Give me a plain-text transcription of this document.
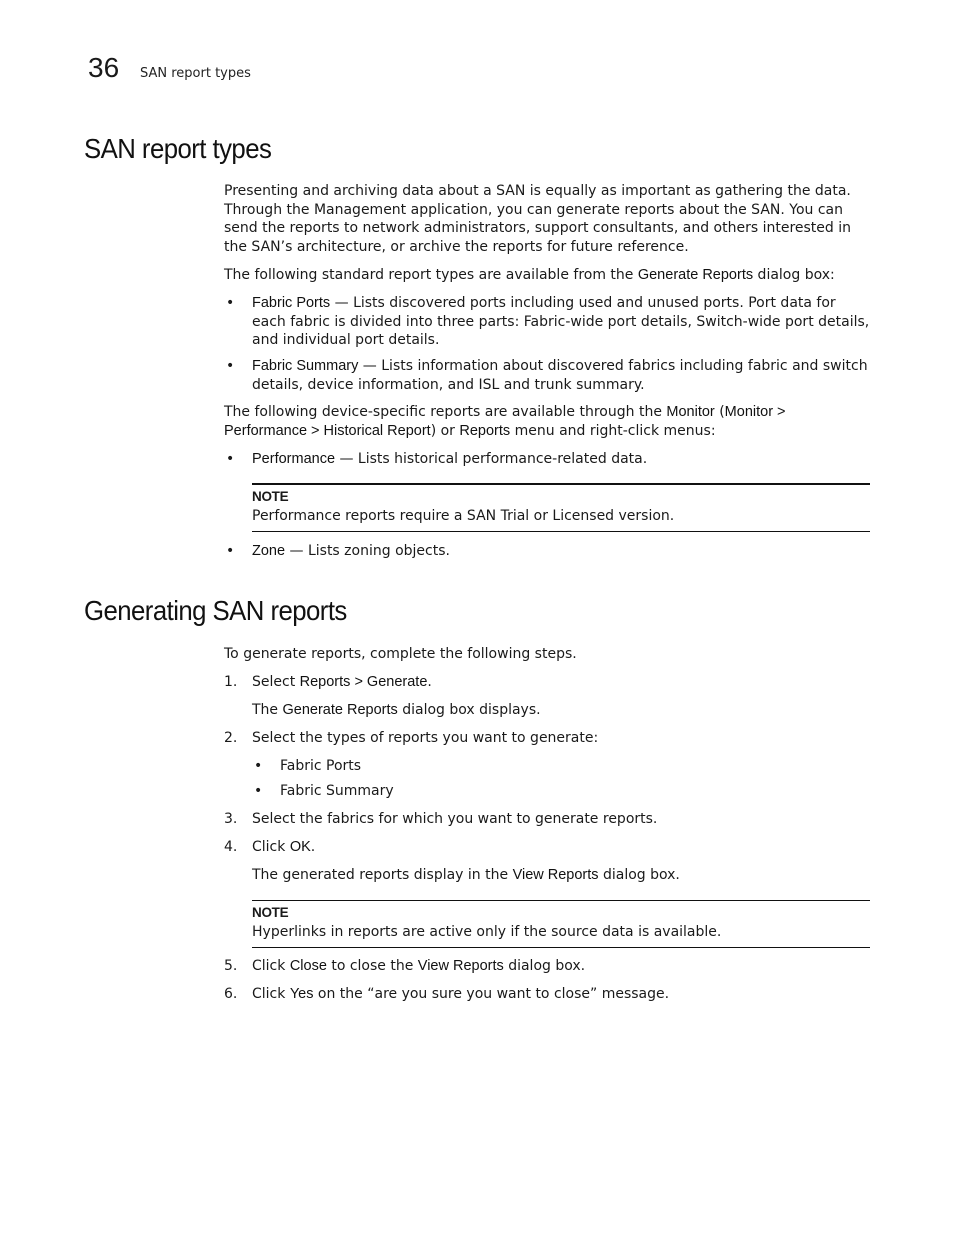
36 SAN report types
SAN report types

Presenting and archiving data about a SAN is equally as important as gathering the data. Through the Management application, you can generate reports about the SAN. You can send the reports to network administrators, support consultants, and others interested in the SAN’s architecture, or archive the reports for future reference.

The following standard report types are available from the Generate Reports dialog box:

• Fabric Ports — Lists discovered ports including used and unused ports. Port data for each fabric is divided into three parts: Fabric-wide port details, Switch-wide port details, and individual port details.
• Fabric Summary — Lists information about discovered fabrics including fabric and switch details, device information, and ISL and trunk summary.

The following device-specific reports are available through the Monitor (Monitor > Performance > Historical Report) or Reports menu and right-click menus:

• Performance — Lists historical performance-related data.
NOTE
Performance reports require a SAN Trial or Licensed version.
• Zone — Lists zoning objects.
Generating SAN reports

To generate reports, complete the following steps.

1. Select Reports > Generate.
The Generate Reports dialog box displays.
2. Select the types of reports you want to generate:
• Fabric Ports
• Fabric Summary
3. Select the fabrics for which you want to generate reports.
4. Click OK.
The generated reports display in the View Reports dialog box.
NOTE
Hyperlinks in reports are active only if the source data is available.
5. Click Close to close the View Reports dialog box.
6. Click Yes on the “are you sure you want to close” message.
